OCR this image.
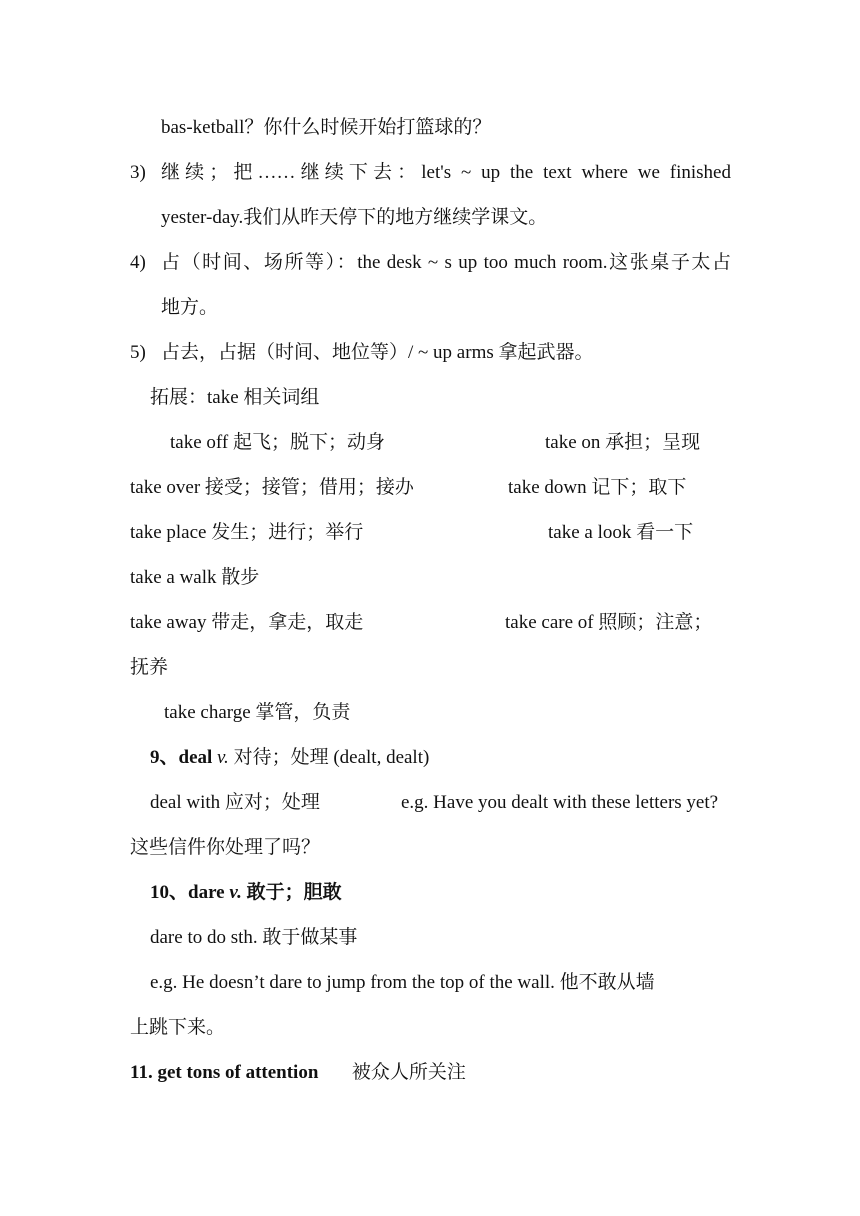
bas-ketball？你什么时候开始打篮球的？
3) 继续；把……继续下去：let's ~ up the text where we finished
yester-day.我们从昨天停下的地方继续学课文。
4) 占（时间、场所等）：the desk ~ s up too much room.这张桌子太占
地方。
5) 占去，占据（时间、地位等）/ ~ up arms 拿起武器。
拓展：take 相关词组
take off 起飞；脱下；动身	take on 承担；呈现
take over 接受；接管；借用；接办	take down 记下；取下
take place 发生；进行；举行	take a look 看一下
take a walk 散步
take away 带走，拿走，取走	take care of 照顾；注意；
抚养
take charge 掌管，负责
9、deal v. 对待；处理 (dealt, dealt)
deal with 应对；处理	e.g. Have you dealt with these letters yet?
这些信件你处理了吗？
10、dare v. 敢于；胆敢
dare to do sth. 敢于做某事
e.g. He doesn’t dare to jump from the top of the wall. 他不敢从墙
上跳下来。
11. get tons of attention 被众人所关注
